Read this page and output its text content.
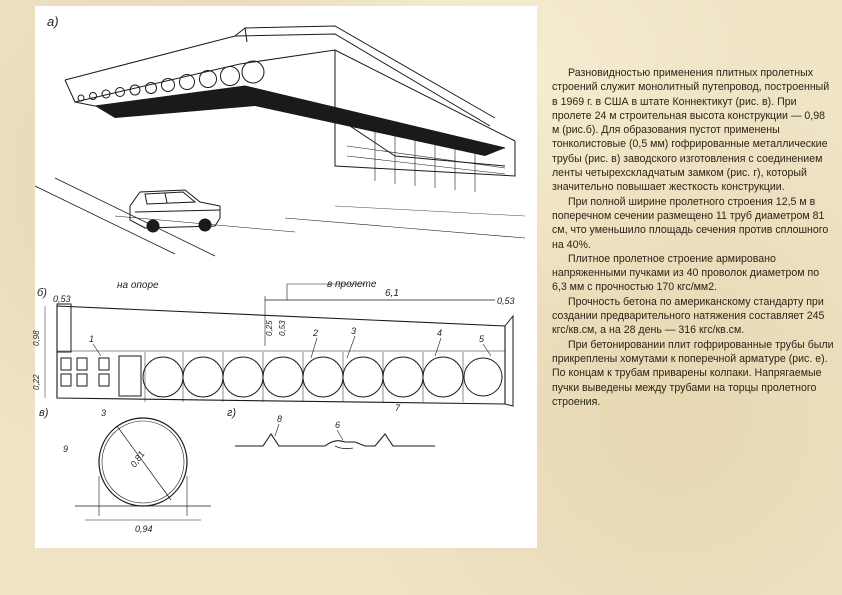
а)
б)
на опоре	в пролете
6,1
0,53
0,53
0,98
0,22
0,25 0,53
1
2	3	4
5
7
в)
0,81
0,94
9
3	г)	8
6

Разновидностью применения плитных пролетных строений служит монолитный путепровод, построенный в 1969 г. в США в штате Коннектикут (рис. в). При пролете 24 м строительная высота конструкции — 0,98 м (рис.б). Для образования пустот применены тонколистовые (0,5 мм) гофрированные металлические трубы (рис. в) заводского изготовления с соединением ленты четырехскладчатым замком (рис. г), который значительно повышает жесткость конструкции.

При полной ширине пролетного строения 12,5 м в поперечном сечении размещено 11 труб диаметром 81 см, что уменьшило площадь сечения против сплошного на 40%.

Плитное пролетное строение армировано напряженными пучками из 40 проволок диаметром по 6,3 мм с прочностью 170 кгс/мм2.

Прочность бетона по американскому стандарту при создании предварительного натяжения составляет 245 кгс/кв.см, а на 28 день — 316 кгс/кв.см.

При бетонировании плит гофрированные трубы были прикреплены хомутами к поперечной арматуре (рис. е). По концам к трубам приварены колпаки. Напрягаемые пучки выведены между трубами на торцы пролетного строения.
